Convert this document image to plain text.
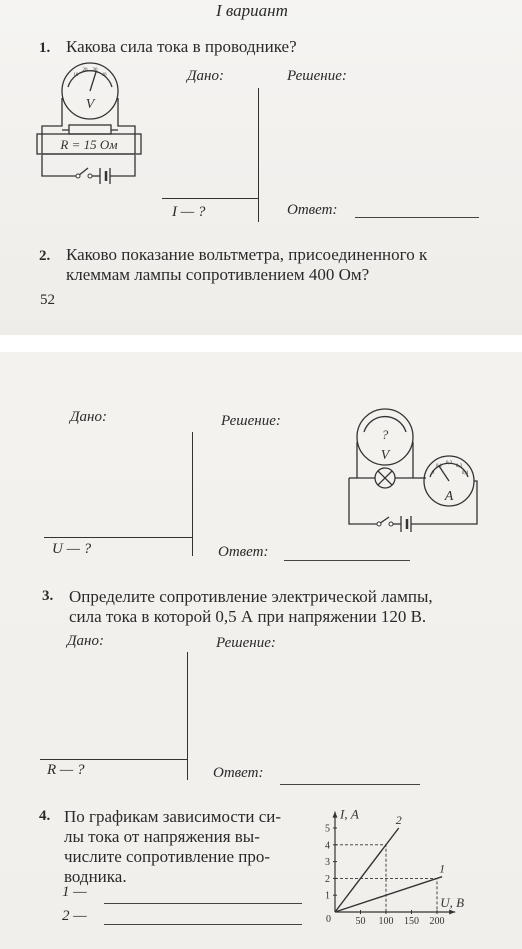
I вариант
1. Какова сила тока в проводнике?
10
20 30
40
V
R = 15 Ом
Дано:	Решение:
I — ?	Ответ:
2. Каково показание вольтметра, присоединенного к
клеммам лампы сопротивлением 400 Ом?
52
Дано:	Решение:
U — ?	Ответ:
?
V
0
0,1
0,2
0,3
0,4
A
3. Определите сопротивление электрической лампы,
сила тока в которой 0,5 А при напряжении 120 В.
Дано:	Решение:
R — ?	Ответ:
4. По графикам зависимости си-
лы тока от напряжения вы-
числите сопротивление про-
водника.
1 —
2 —
I, А
U, В
0 50 100 150 200
1
2
3
4
5
1
2
